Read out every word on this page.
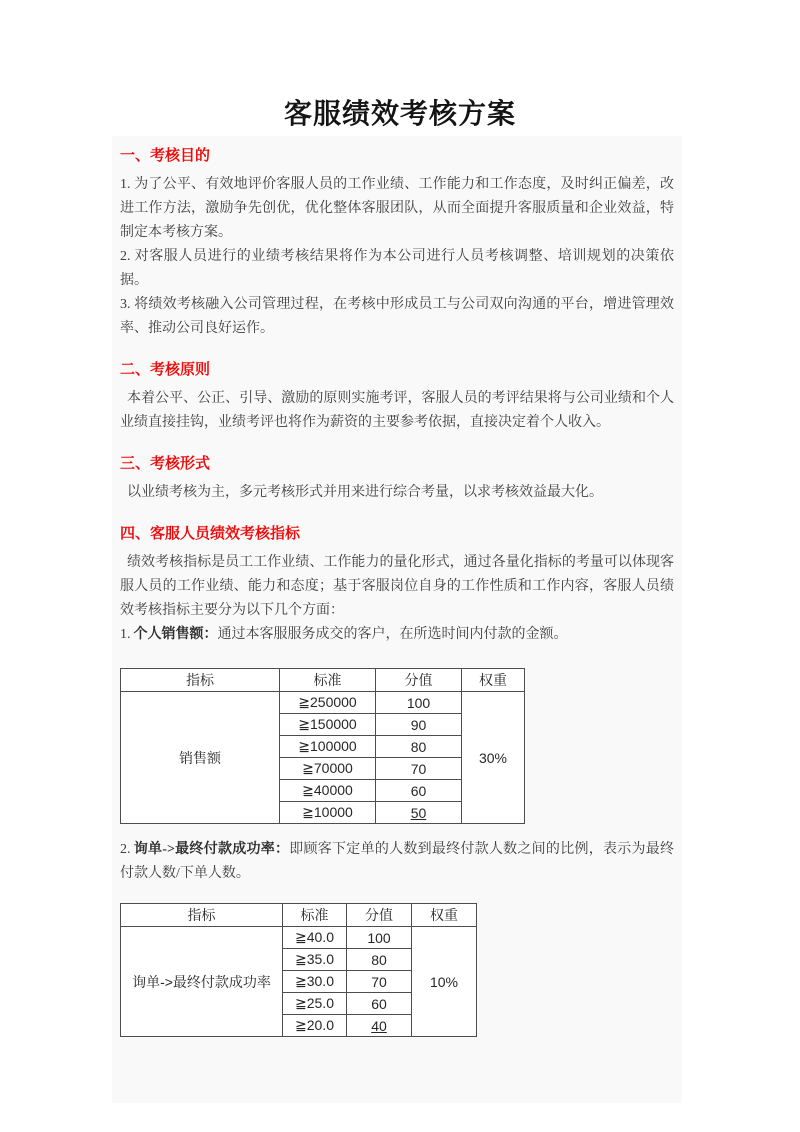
客服绩效考核方案
一、考核目的

1. 为了公平、有效地评价客服人员的工作业绩、工作能力和工作态度，及时纠正偏差，改进工作方法，激励争先创优，优化整体客服团队，从而全面提升客服质量和企业效益，特制定本考核方案。

2. 对客服人员进行的业绩考核结果将作为本公司进行人员考核调整、培训规划的决策依据。

3. 将绩效考核融入公司管理过程，在考核中形成员工与公司双向沟通的平台，增进管理效率、推动公司良好运作。

二、考核原则

本着公平、公正、引导、激励的原则实施考评，客服人员的考评结果将与公司业绩和个人业绩直接挂钩，业绩考评也将作为薪资的主要参考依据，直接决定着个人收入。

三、考核形式

以业绩考核为主，多元考核形式并用来进行综合考量，以求考核效益最大化。

四、客服人员绩效考核指标

绩效考核指标是员工工作业绩、工作能力的量化形式，通过各量化指标的考量可以体现客服人员的工作业绩、能力和态度；基于客服岗位自身的工作性质和工作内容，客服人员绩效考核指标主要分为以下几个方面：

1. 个人销售额：通过本客服服务成交的客户，在所选时间内付款的金额。

指标	标准	分值	权重
销售额	≧250000	100	30%
	≧150000	90	
	≧100000	80	
	≧70000	70	
	≧40000	60	
	≧10000	50	

2. 询单->最终付款成功率：即顾客下定单的人数到最终付款人数之间的比例，表示为最终付款人数/下单人数。

指标	标准	分值	权重
询单->最终付款成功率	≧40.0	100	10%
	≧35.0	80	
	≧30.0	70	
	≧25.0	60	
	≧20.0	40	
